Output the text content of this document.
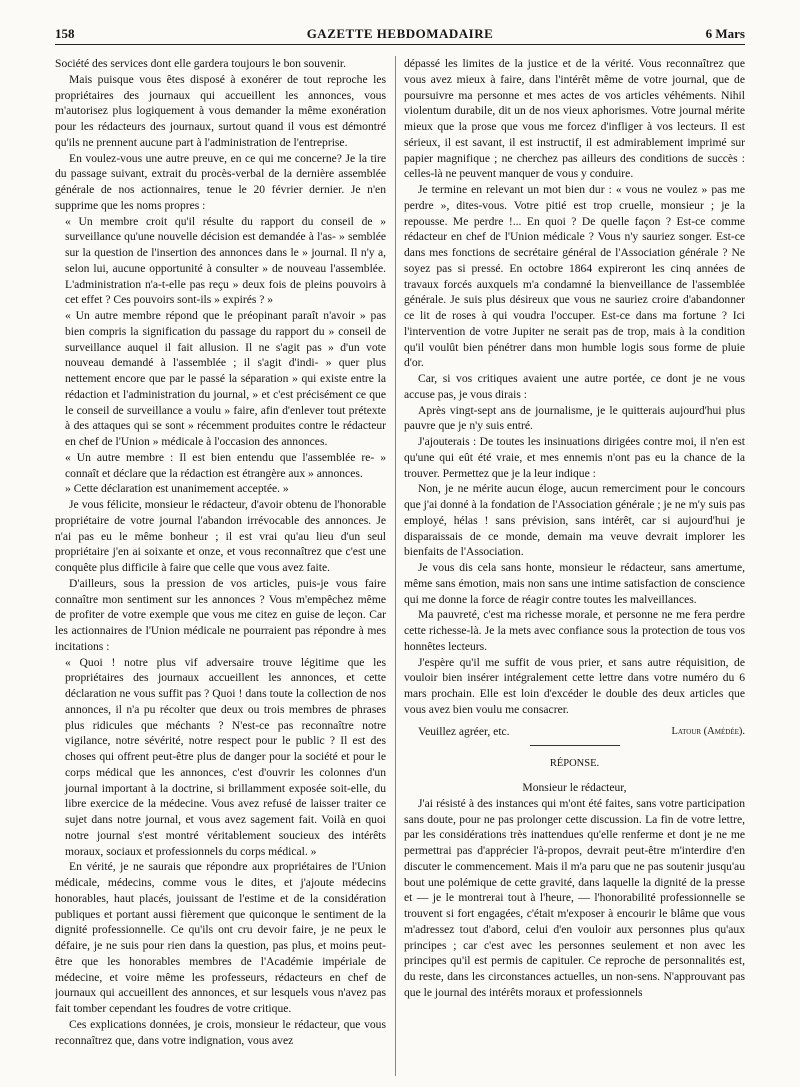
158	GAZETTE HEBDOMADAIRE	6 Mars

Société des services dont elle gardera toujours le bon souvenir.

Mais puisque vous êtes disposé à exonérer de tout reproche les propriétaires des journaux qui accueillent les annonces, vous m'autorisez plus logiquement à vous demander la même exonération pour les rédacteurs des journaux, surtout quand il vous est démontré qu'ils ne prennent aucune part à l'administration de l'entreprise.

En voulez-vous une autre preuve, en ce qui me concerne? Je la tire du passage suivant, extrait du procès-verbal de la dernière assemblée générale de nos actionnaires, tenue le 20 février dernier. Je n'en supprime que les noms propres :

« Un membre croit qu'il résulte du rapport du conseil de » surveillance qu'une nouvelle décision est demandée à l'as- » semblée sur la question de l'insertion des annonces dans le » journal. Il n'y a, selon lui, aucune opportunité à consulter » de nouveau l'assemblée. L'administration n'a-t-elle pas reçu » deux fois de pleins pouvoirs à cet effet ? Ces pouvoirs sont-ils » expirés ? »

« Un autre membre répond que le préopinant paraît n'avoir » pas bien compris la signification du passage du rapport du » conseil de surveillance auquel il fait allusion. Il ne s'agit pas » d'un vote nouveau demandé à l'assemblée ; il s'agit d'indi- » quer plus nettement encore que par le passé la séparation » qui existe entre la rédaction et l'administration du journal, » et c'est précisément ce que le conseil de surveillance a voulu » faire, afin d'enlever tout prétexte à des attaques qui se sont » récemment produites contre le rédacteur en chef de l'Union » médicale à l'occasion des annonces.

« Un autre membre : Il est bien entendu que l'assemblée re- » connaît et déclare que la rédaction est étrangère aux » annonces.

» Cette déclaration est unanimement acceptée. »

Je vous félicite, monsieur le rédacteur, d'avoir obtenu de l'honorable propriétaire de votre journal l'abandon irrévocable des annonces. Je n'ai pas eu le même bonheur ; il est vrai qu'au lieu d'un seul propriétaire j'en ai soixante et onze, et vous reconnaîtrez que c'est une conquête plus difficile à faire que celle que vous avez faite.

D'ailleurs, sous la pression de vos articles, puis-je vous faire connaître mon sentiment sur les annonces ? Vous m'empêchez même de profiter de votre exemple que vous me citez en guise de leçon. Car les actionnaires de l'Union médicale ne pourraient pas répondre à mes incitations :

« Quoi ! notre plus vif adversaire trouve légitime que les propriétaires des journaux accueillent les annonces, et cette déclaration ne vous suffit pas ? Quoi ! dans toute la collection de nos annonces, il n'a pu récolter que deux ou trois membres de phrases plus ridicules que méchants ? N'est-ce pas reconnaître notre vigilance, notre sévérité, notre respect pour le public ? Il est des choses qui offrent peut-être plus de danger pour la société et pour le corps médical que les annonces, c'est d'ouvrir les colonnes d'un journal important à la doctrine, si brillamment exposée soit-elle, du libre exercice de la médecine. Vous avez refusé de laisser traiter ce sujet dans notre journal, et vous avez sagement fait. Voilà en quoi notre journal s'est montré véritablement soucieux des intérêts moraux, sociaux et professionnels du corps médical. »

En vérité, je ne saurais que répondre aux propriétaires de l'Union médicale, médecins, comme vous le dites, et j'ajoute médecins honorables, haut placés, jouissant de l'estime et de la considération publiques et portant aussi fièrement que quiconque le sentiment de la dignité professionnelle. Ce qu'ils ont cru devoir faire, je ne peux le défaire, je ne suis pour rien dans la question, pas plus, et moins peut-être que les honorables membres de l'Académie impériale de médecine, et voire même les professeurs, rédacteurs en chef de journaux qui accueillent des annonces, et sur lesquels vous n'avez pas fait tomber cependant les foudres de votre critique.

Ces explications données, je crois, monsieur le rédacteur, que vous reconnaîtrez que, dans votre indignation, vous avez

dépassé les limites de la justice et de la vérité. Vous reconnaîtrez que vous avez mieux à faire, dans l'intérêt même de votre journal, que de poursuivre ma personne et mes actes de vos articles véhéments. Nihil violentum durabile, dit un de nos vieux aphorismes. Votre journal mérite mieux que la prose que vous me forcez d'infliger à vos lecteurs. Il est sérieux, il est savant, il est instructif, il est admirablement imprimé sur papier magnifique ; ne cherchez pas ailleurs des conditions de succès : celles-là ne peuvent manquer de vous y conduire.

Je termine en relevant un mot bien dur : « vous ne voulez » pas me perdre », dites-vous. Votre pitié est trop cruelle, monsieur ; je la repousse. Me perdre !... En quoi ? De quelle façon ? Est-ce comme rédacteur en chef de l'Union médicale ? Vous n'y sauriez songer. Est-ce dans mes fonctions de secrétaire général de l'Association générale ? Ne soyez pas si pressé. En octobre 1864 expireront les cinq années de travaux forcés auxquels m'a condamné la bienveillance de l'assemblée générale. Je suis plus désireux que vous ne sauriez croire d'abandonner ce lit de roses à qui voudra l'occuper. Est-ce dans ma fortune ? Ici l'intervention de votre Jupiter ne serait pas de trop, mais à la condition qu'il voulût bien pénétrer dans mon humble logis sous forme de pluie d'or.

Car, si vos critiques avaient une autre portée, ce dont je ne vous accuse pas, je vous dirais :

Après vingt-sept ans de journalisme, je le quitterais aujourd'hui plus pauvre que je n'y suis entré.

J'ajouterais : De toutes les insinuations dirigées contre moi, il n'en est qu'une qui eût été vraie, et mes ennemis n'ont pas eu la chance de la trouver. Permettez que je la leur indique :

Non, je ne mérite aucun éloge, aucun remerciment pour le concours que j'ai donné à la fondation de l'Association générale ; je ne m'y suis pas employé, hélas ! sans prévision, sans intérêt, car si aujourd'hui je disparaissais de ce monde, demain ma veuve devrait implorer les bienfaits de l'Association.

Je vous dis cela sans honte, monsieur le rédacteur, sans amertume, même sans émotion, mais non sans une intime satisfaction de conscience qui me donne la force de réagir contre toutes les malveillances.

Ma pauvreté, c'est ma richesse morale, et personne ne me fera perdre cette richesse-là. Je la mets avec confiance sous la protection de tous vos honnêtes lecteurs.

J'espère qu'il me suffit de vous prier, et sans autre réquisition, de vouloir bien insérer intégralement cette lettre dans votre numéro du 6 mars prochain. Elle est loin d'excéder le double des deux articles que vous avez bien voulu me consacrer.

Veuillez agréer, etc.	Latour (Amédée).

RÉPONSE.

Monsieur le rédacteur,

J'ai résisté à des instances qui m'ont été faites, sans votre participation sans doute, pour ne pas prolonger cette discussion. La fin de votre lettre, par les considérations très inattendues qu'elle renferme et dont je ne me permettrai pas d'apprécier l'à-propos, devrait peut-être m'interdire d'en discuter le commencement. Mais il m'a paru que ne pas soutenir jusqu'au bout une polémique de cette gravité, dans laquelle la dignité de la presse et — je le montrerai tout à l'heure, — l'honorabilité professionnelle se trouvent si fort engagées, c'était m'exposer à encourir le blâme que vous m'adressez tout d'abord, celui d'en vouloir aux personnes plus qu'aux principes ; car c'est avec les personnes seulement et non avec les principes qu'il est permis de capituler. Ce reproche de personnalités est, du reste, dans les circonstances actuelles, un non-sens. N'approuvant pas que le journal des intérêts moraux et professionnels
